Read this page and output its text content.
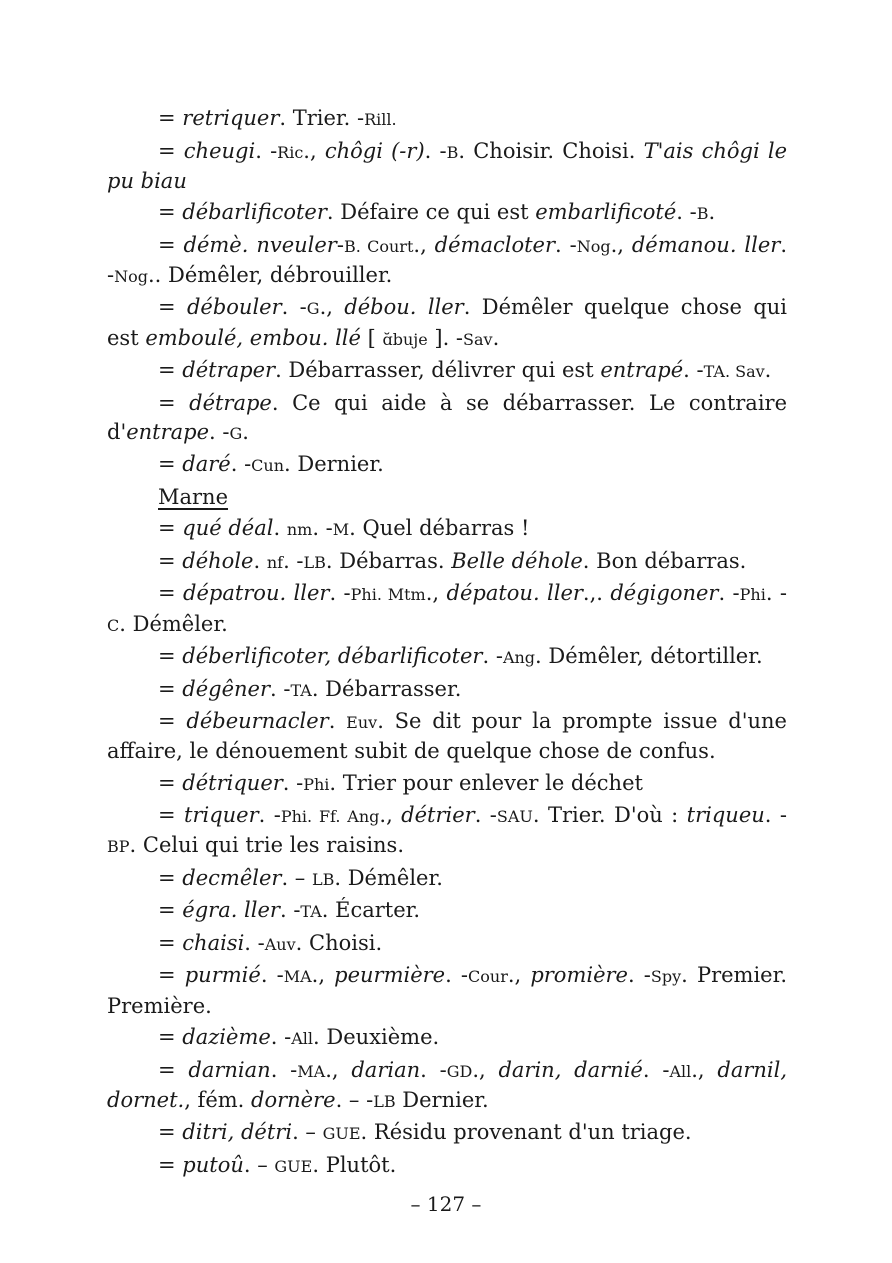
= retriquer. Trier. -Rill.

= cheugi. -Ric., chôgi (-r). -B. Choisir. Choisi. T'ais chôgi le pu biau

= débarlificoter. Défaire ce qui est embarlificoté. -B.

= démè. nveuler-B. Court., démacloter. -Nog., démanou. ller. -Nog.. Démêler, débrouiller.

= débouler. -G., débou. ller. Démêler quelque chose qui est emboulé, embou. llé [ ɑ̆buje ]. -Sav.

= détraper. Débarrasser, délivrer qui est entrapé. -TA. Sav.

= détrape. Ce qui aide à se débarrasser. Le contraire d'entrape. -G.

= daré. -Cun. Dernier.

Marne

= qué déal. nm. -M. Quel débarras !

= déhole. nf. -LB. Débarras. Belle déhole. Bon débarras.

= dépatrou. ller. -Phi. Mtm., dépatou. ller.,. dégigoner. -Phi. -C. Démêler.

= déberlificoter, débarlificoter. -Ang. Démêler, détortiller.

= dégêner. -TA. Débarrasser.

= débeurnacler. Euv. Se dit pour la prompte issue d'une affaire, le dénouement subit de quelque chose de confus.

= détriquer. -Phi. Trier pour enlever le déchet

= triquer. -Phi. Ff. Ang., détrier. -SAU. Trier. D'où : triqueu. -BP. Celui qui trie les raisins.

= decmêler. – LB. Démêler.

= égra. ller. -TA. Écarter.

= chaisi. -Auv. Choisi.

= purmié. -MA., peurmière. -Cour., promière. -Spy. Premier. Première.

= dazième. -All. Deuxième.

= darnian. -MA., darian. -GD., darin, darnié. -All., darnil, dornet., fém. dornère. – -LB Dernier.

= ditri, détri. – GUE. Résidu provenant d'un triage.

= putoû. – GUE. Plutôt.

– 127 –
